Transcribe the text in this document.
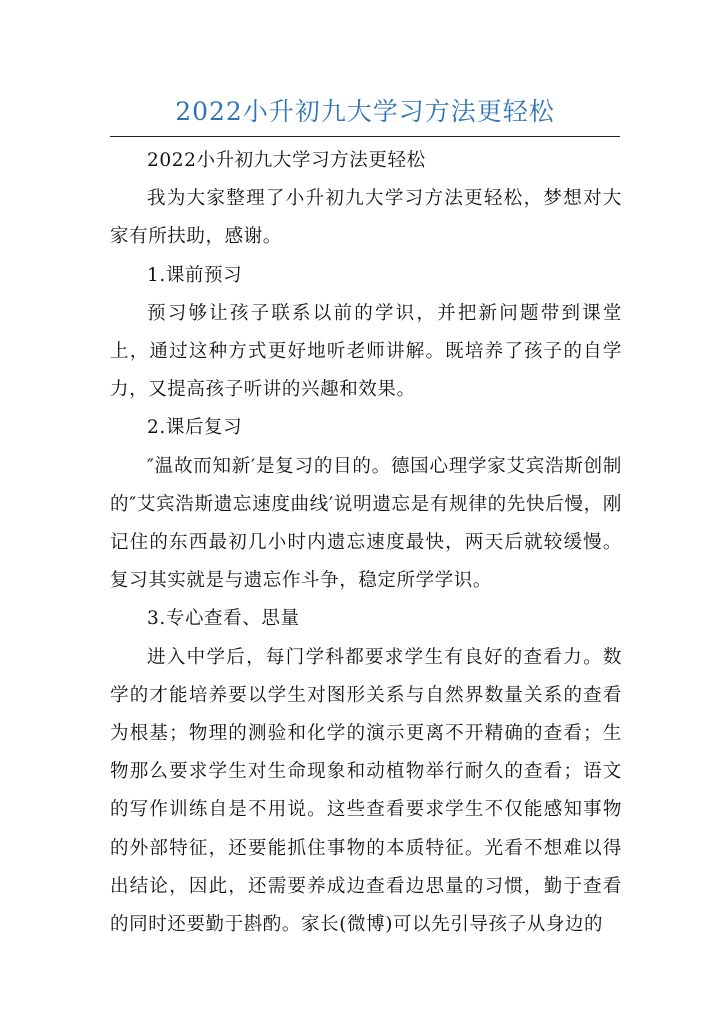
2022小升初九大学习方法更轻松

2022小升初九大学习方法更轻松

我为大家整理了小升初九大学习方法更轻松，梦想对大家有所扶助，感谢。

1.课前预习

预习够让孩子联系以前的学识，并把新问题带到课堂上，通过这种方式更好地听老师讲解。既培养了孩子的自学力，又提高孩子听讲的兴趣和效果。

2.课后复习

″温故而知新′是复习的目的。德国心理学家艾宾浩斯创制的″艾宾浩斯遗忘速度曲线′说明遗忘是有规律的先快后慢，刚记住的东西最初几小时内遗忘速度最快，两天后就较缓慢。复习其实就是与遗忘作斗争，稳定所学学识。

3.专心查看、思量

进入中学后，每门学科都要求学生有良好的查看力。数学的才能培养要以学生对图形关系与自然界数量关系的查看为根基；物理的测验和化学的演示更离不开精确的查看；生物那么要求学生对生命现象和动植物举行耐久的查看；语文的写作训练自是不用说。这些查看要求学生不仅能感知事物的外部特征，还要能抓住事物的本质特征。光看不想难以得出结论，因此，还需要养成边查看边思量的习惯，勤于查看的同时还要勤于斟酌。家长(微博)可以先引导孩子从身边的
